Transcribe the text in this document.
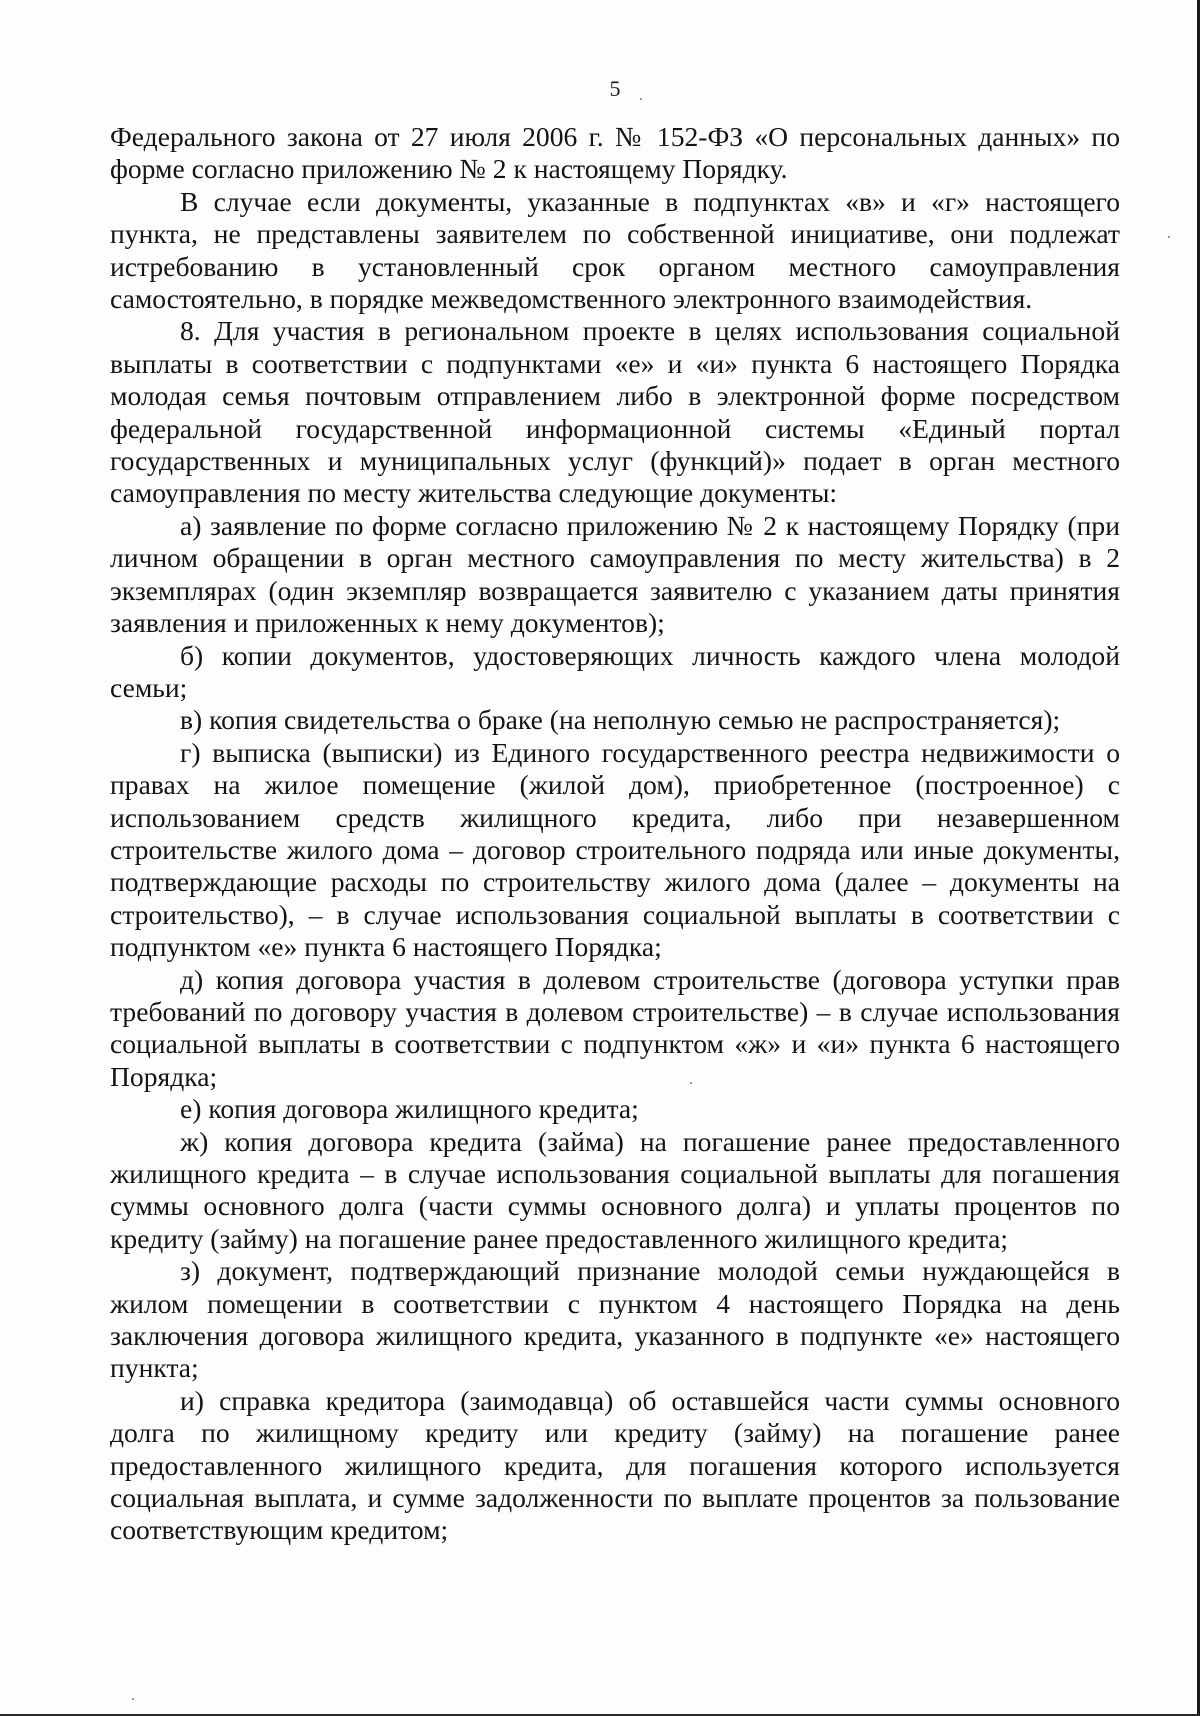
5

Федерального закона от 27 июля 2006 г. № 152-ФЗ «О персональных данных» по форме согласно приложению № 2 к настоящему Порядку.

В случае если документы, указанные в подпунктах «в» и «г» настоящего пункта, не представлены заявителем по собственной инициативе, они подлежат истребованию в установленный срок органом местного самоуправления самостоятельно, в порядке межведомственного электронного взаимодействия.

8. Для участия в региональном проекте в целях использования социальной выплаты в соответствии с подпунктами «е» и «и» пункта 6 настоящего Порядка молодая семья почтовым отправлением либо в электронной форме посредством федеральной государственной информационной системы «Единый портал государственных и муниципальных услуг (функций)» подает в орган местного самоуправления по месту жительства следующие документы:

а) заявление по форме согласно приложению № 2 к настоящему Порядку (при личном обращении в орган местного самоуправления по месту жительства) в 2 экземплярах (один экземпляр возвращается заявителю с указанием даты принятия заявления и приложенных к нему документов);

б) копии документов, удостоверяющих личность каждого члена молодой семьи;

в) копия свидетельства о браке (на неполную семью не распространяется);

г) выписка (выписки) из Единого государственного реестра недвижимости о правах на жилое помещение (жилой дом), приобретенное (построенное) с использованием средств жилищного кредита, либо при незавершенном строительстве жилого дома – договор строительного подряда или иные документы, подтверждающие расходы по строительству жилого дома (далее – документы на строительство), – в случае использования социальной выплаты в соответствии с подпунктом «е» пункта 6 настоящего Порядка;

д) копия договора участия в долевом строительстве (договора уступки прав требований по договору участия в долевом строительстве) – в случае использования социальной выплаты в соответствии с подпунктом «ж» и «и» пункта 6 настоящего Порядка;

е) копия договора жилищного кредита;

ж) копия договора кредита (займа) на погашение ранее предоставленного жилищного кредита – в случае использования социальной выплаты для погашения суммы основного долга (части суммы основного долга) и уплаты процентов по кредиту (займу) на погашение ранее предоставленного жилищного кредита;

з) документ, подтверждающий признание молодой семьи нуждающейся в жилом помещении в соответствии с пунктом 4 настоящего Порядка на день заключения договора жилищного кредита, указанного в подпункте «е» настоящего пункта;

и) справка кредитора (заимодавца) об оставшейся части суммы основного долга по жилищному кредиту или кредиту (займу) на погашение ранее предоставленного жилищного кредита, для погашения которого используется социальная выплата, и сумме задолженности по выплате процентов за пользование соответствующим кредитом;
